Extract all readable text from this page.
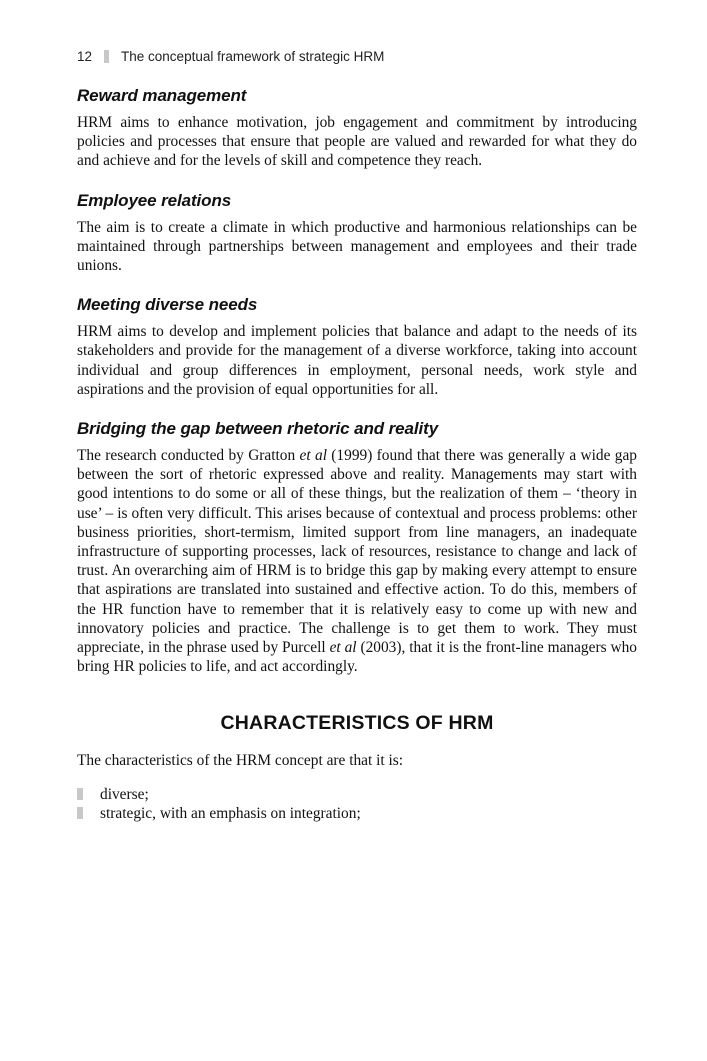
12 The conceptual framework of strategic HRM
Reward management

HRM aims to enhance motivation, job engagement and commitment by introducing policies and processes that ensure that people are valued and rewarded for what they do and achieve and for the levels of skill and competence they reach.

Employee relations

The aim is to create a climate in which productive and harmonious relationships can be maintained through partnerships between management and employees and their trade unions.

Meeting diverse needs

HRM aims to develop and implement policies that balance and adapt to the needs of its stakeholders and provide for the management of a diverse workforce, taking into account individual and group differences in employment, personal needs, work style and aspirations and the provision of equal opportunities for all.

Bridging the gap between rhetoric and reality

The research conducted by Gratton et al (1999) found that there was generally a wide gap between the sort of rhetoric expressed above and reality. Managements may start with good intentions to do some or all of these things, but the realization of them – ‘theory in use’ – is often very difficult. This arises because of contextual and process problems: other business priorities, short-termism, limited support from line managers, an inadequate infrastructure of supporting processes, lack of resources, resistance to change and lack of trust. An overarching aim of HRM is to bridge this gap by making every attempt to ensure that aspirations are translated into sustained and effective action. To do this, members of the HR function have to remember that it is relatively easy to come up with new and innovatory policies and practice. The challenge is to get them to work. They must appreciate, in the phrase used by Purcell et al (2003), that it is the front-line managers who bring HR policies to life, and act accordingly.

CHARACTERISTICS OF HRM

The characteristics of the HRM concept are that it is:

diverse;
strategic, with an emphasis on integration;
